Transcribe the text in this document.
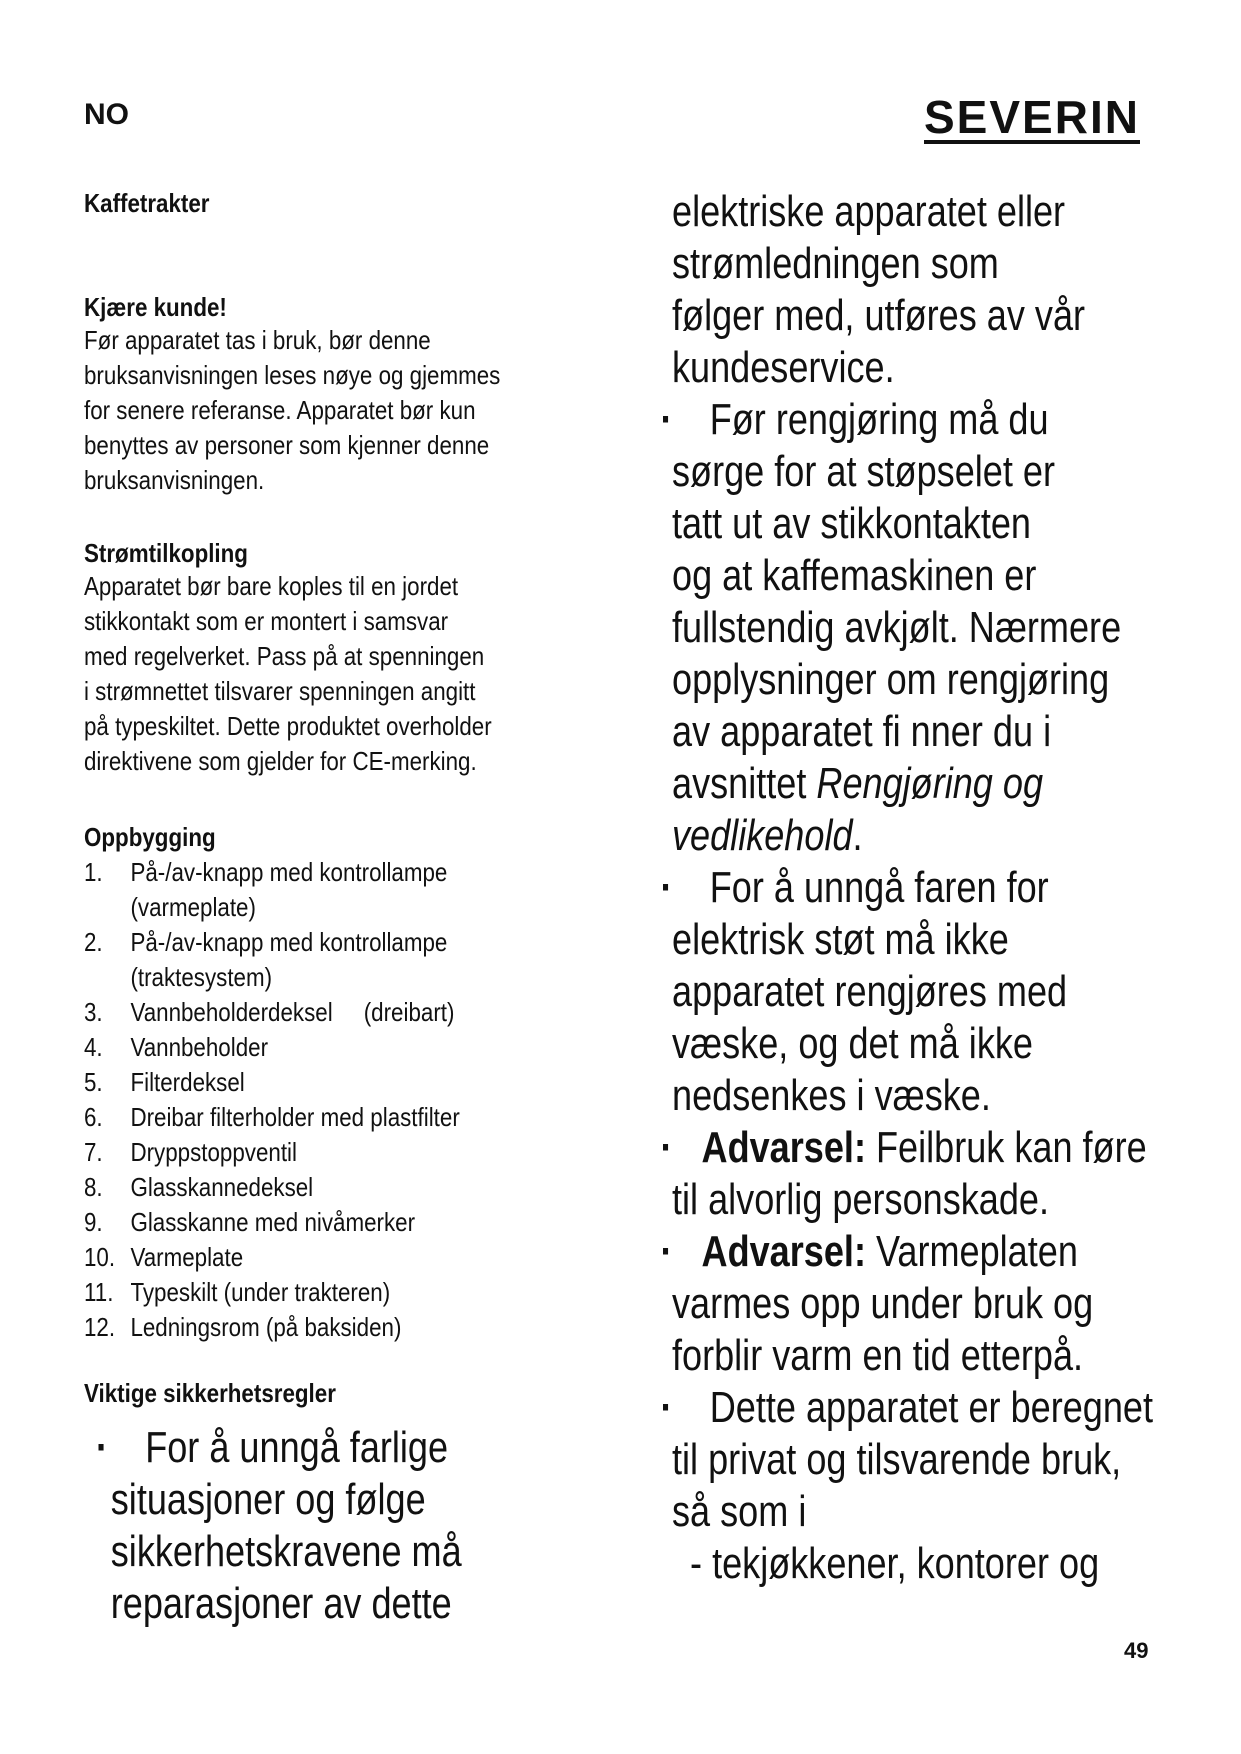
NO	SEVERIN
Kaffetrakter
Kjære kunde!
Før apparatet tas i bruk, bør denne
bruksanvisningen leses nøye og gjemmes
for senere referanse. Apparatet bør kun
benyttes av personer som kjenner denne
bruksanvisningen.
Strømtilkopling
Apparatet bør bare koples til en jordet
stikkontakt som er montert i samsvar
med regelverket. Pass på at spenningen
i strømnettet tilsvarer spenningen angitt
på typeskiltet. Dette produktet overholder
direktivene som gjelder for CE-merking.
Oppbygging
1. På-/av-knapp med kontrollampe
(varmeplate)
2. På-/av-knapp med kontrollampe
(traktesystem)
3. Vannbeholderdeksel     (dreibart)
4. Vannbeholder
5. Filterdeksel
6. Dreibar filterholder med plastfilter
7. Dryppstoppventil
8. Glasskannedeksel
9. Glasskanne med nivåmerker
10. Varmeplate
11. Typeskilt (under trakteren)
12. Ledningsrom (på baksiden)
Viktige sikkerhetsregler
· For å unngå farlige
situasjoner og følge
sikkerhetskravene må
reparasjoner av dette
elektriske apparatet eller
strømledningen som
følger med, utføres av vår
kundeservice.
· Før rengjøring må du
sørge for at støpselet er
tatt ut av stikkontakten
og at kaffemaskinen er
fullstendig avkjølt. Nærmere
opplysninger om rengjøring
av apparatet fi nner du i
avsnittet Rengjøring og
vedlikehold.
· For å unngå faren for
elektrisk støt må ikke
apparatet rengjøres med
væske, og det må ikke
nedsenkes i væske.
· Advarsel: Feilbruk kan føre
til alvorlig personskade.
· Advarsel: Varmeplaten
varmes opp under bruk og
forblir varm en tid etterpå.
· Dette apparatet er beregnet
til privat og tilsvarende bruk,
så som i
- tekjøkkener, kontorer og
49
